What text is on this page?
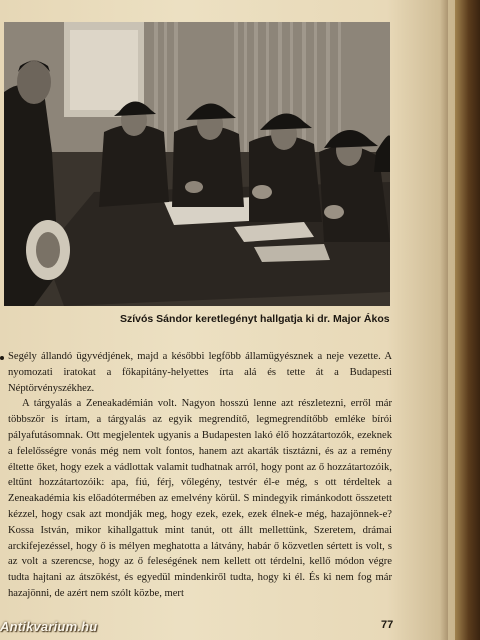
Szívós Sándor keretlegényt hallgatja ki dr. Major Ákos

Segély állandó ügyvédjének, majd a későbbi legfőbb államügyésznek a neje vezette. A nyomozati iratokat a főkapitány-helyettes írta alá és tette át a Budapesti Néptörvényszékhez.

A tárgyalás a Zeneakadémián volt. Nagyon hosszú lenne azt részletezni, erről már többször is írtam, a tárgyalás az egyik megrendítő, legmegrendítőbb emléke bírói pályafutásomnak. Ott megjelentek ugyanis a Budapesten lakó élő hozzátartozók, ezeknek a felelősségre vonás még nem volt fontos, hanem azt akarták tisztázni, és az a remény éltette őket, hogy ezek a vádlottak valamit tudhatnak arról, hogy pont az ő hozzátartozóik, eltűnt hozzátartozóik: apa, fiú, férj, vőlegény, testvér él-e még, s ott térdeltek a Zeneakadémia kis előadótermében az emelvény körül. S mindegyik rimánkodott összetett kézzel, hogy csak azt mondják meg, hogy ezek, ezek, ezek élnek-e még, hazajönnek-e? Kossa István, mikor kihallgattuk mint tanút, ott állt mellettünk, Szeretem, drámai arckifejezéssel, hogy ő is mélyen meghatotta a látvány, habár ő közvetlen sértett is volt, s az volt a szerencse, hogy az ő feleségének nem kellett ott térdelni, kellő módon végre tudta hajtani az átszökést, és egyedül mindenkiről tudta, hogy ki él. És ki nem fog már hazajönni, de azért nem szólt közbe, mert

77
Antikvarium.hu
